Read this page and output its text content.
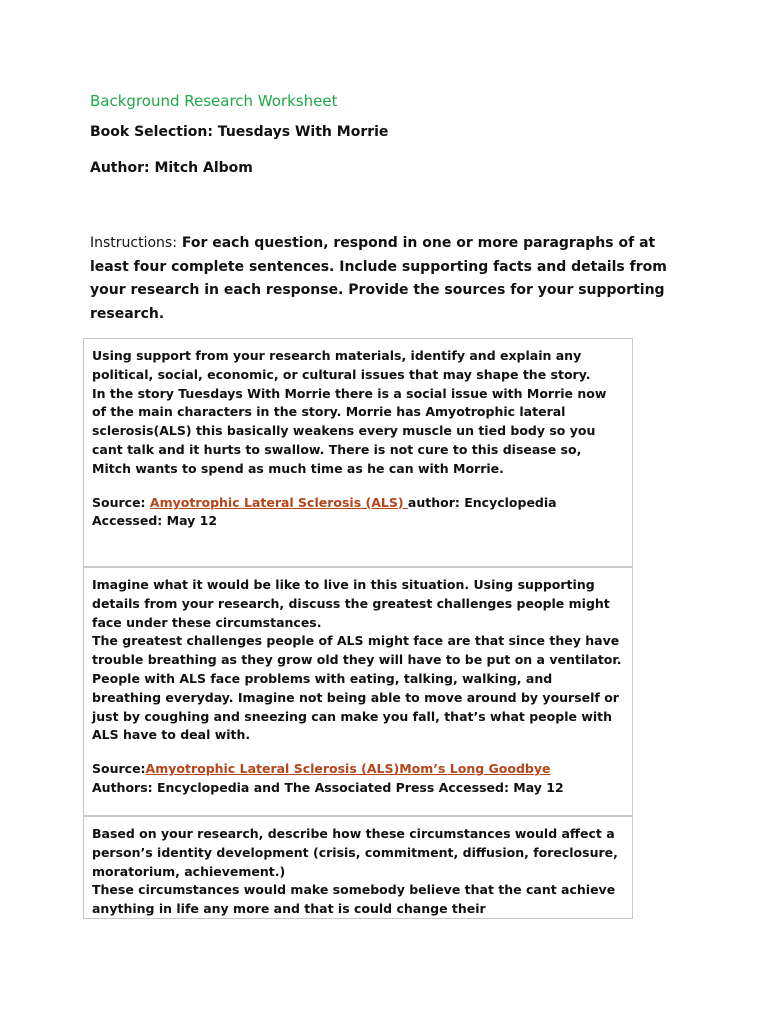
Background Research Worksheet
Book Selection: Tuesdays With Morrie
Author: Mitch Albom
Instructions: For each question, respond in one or more paragraphs of at least four complete sentences. Include supporting facts and details from your research in each response. Provide the sources for your supporting research.

Using support from your research materials, identify and explain any political, social, economic, or cultural issues that may shape the story.

In the story Tuesdays With Morrie there is a social issue with Morrie now of the main characters in the story. Morrie has Amyotrophic lateral sclerosis(ALS) this basically weakens every muscle un tied body so you cant talk and it hurts to swallow. There is not cure to this disease so, Mitch wants to spend as much time as he can with Morrie.

Source: Amyotrophic Lateral Sclerosis (ALS) author: Encyclopedia

Accessed: May 12

Imagine what it would be like to live in this situation. Using supporting details from your research, discuss the greatest challenges people might face under these circumstances.

The greatest challenges people of ALS might face are that since they have trouble breathing as they grow old they will have to be put on a ventilator. People with ALS face problems with eating, talking, walking, and breathing everyday. Imagine not being able to move around by yourself or just by coughing and sneezing can make you fall, that’s what people with ALS have to deal with.

Source:Amyotrophic Lateral Sclerosis (ALS)Mom’s Long Goodbye

Authors: Encyclopedia and The Associated Press Accessed: May 12

Based on your research, describe how these circumstances would affect a person’s identity development (crisis, commitment, diffusion, foreclosure, moratorium, achievement.)

These circumstances would make somebody believe that the cant achieve anything in life any more and that is could change their
